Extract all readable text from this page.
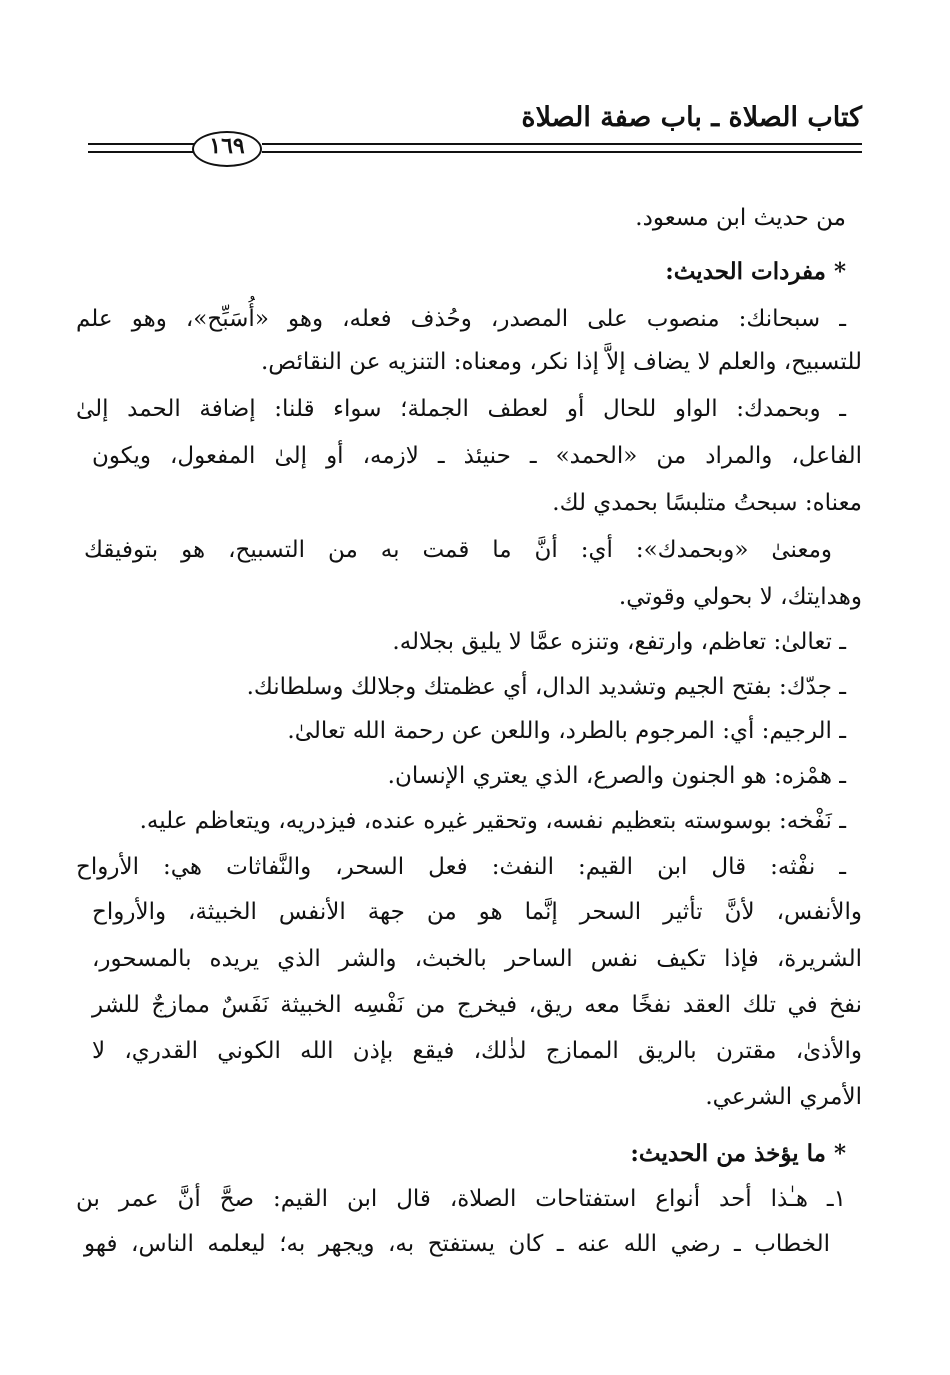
كتاب الصلاة ـ باب صفة الصلاة
١٦٩
من حديث ابن مسعود.
* مفردات الحديث:
ـ سبحانك: منصوب على المصدر، وحُذف فعله، وهو «أُسَبِّح»، وهو علم
للتسبيح، والعلم لا يضاف إلاَّ إذا نكر، ومعناه: التنزيه عن النقائص.
ـ وبحمدك: الواو للحال أو لعطف الجملة؛ سواء قلنا: إضافة الحمد إلىٰ
الفاعل، والمراد من «الحمد» ـ حنيئذ ـ لازمه، أو إلىٰ المفعول، ويكون
معناه: سبحتُ متلبسًا بحمدي لك.
ومعنىٰ «وبحمدك»: أي: أنَّ ما قمت به من التسبيح، هو بتوفيقك
وهدايتك، لا بحولي وقوتي.
ـ تعالىٰ: تعاظم، وارتفع، وتنزه عمَّا لا يليق بجلاله.
ـ جدّك: بفتح الجيم وتشديد الدال، أي عظمتك وجلالك وسلطانك.
ـ الرجيم: أي: المرجوم بالطرد، واللعن عن رحمة الله تعالىٰ.
ـ همْزه: هو الجنون والصرع، الذي يعتري الإنسان.
ـ نَفْخه: بوسوسته بتعظيم نفسه، وتحقير غيره عنده، فيزدريه، ويتعاظم عليه.
ـ نفْثه: قال ابن القيم: النفث: فعل السحر، والنَّفاثات هي: الأرواح
والأنفس، لأنَّ تأثير السحر إنَّما هو من جهة الأنفس الخبيثة، والأرواح
الشريرة، فإذا تكيف نفس الساحر بالخبث، والشر الذي يريده بالمسحور،
نفخ في تلك العقد نفخًا معه ريق، فيخرج من نَفْسِه الخبيثة نَفَسٌ ممازجٌ للشر
والأذىٰ، مقترن بالريق الممازج لذٰلك، فيقع بإذن الله الكوني القدري، لا
الأمري الشرعي.
* ما يؤخذ من الحديث:
١ـ هـٰذا أحد أنواع استفتاحات الصلاة، قال ابن القيم: صحَّ أنَّ عمر بن
الخطاب ـ رضي الله عنه ـ كان يستفتح به، ويجهر به؛ ليعلمه الناس، فهو
